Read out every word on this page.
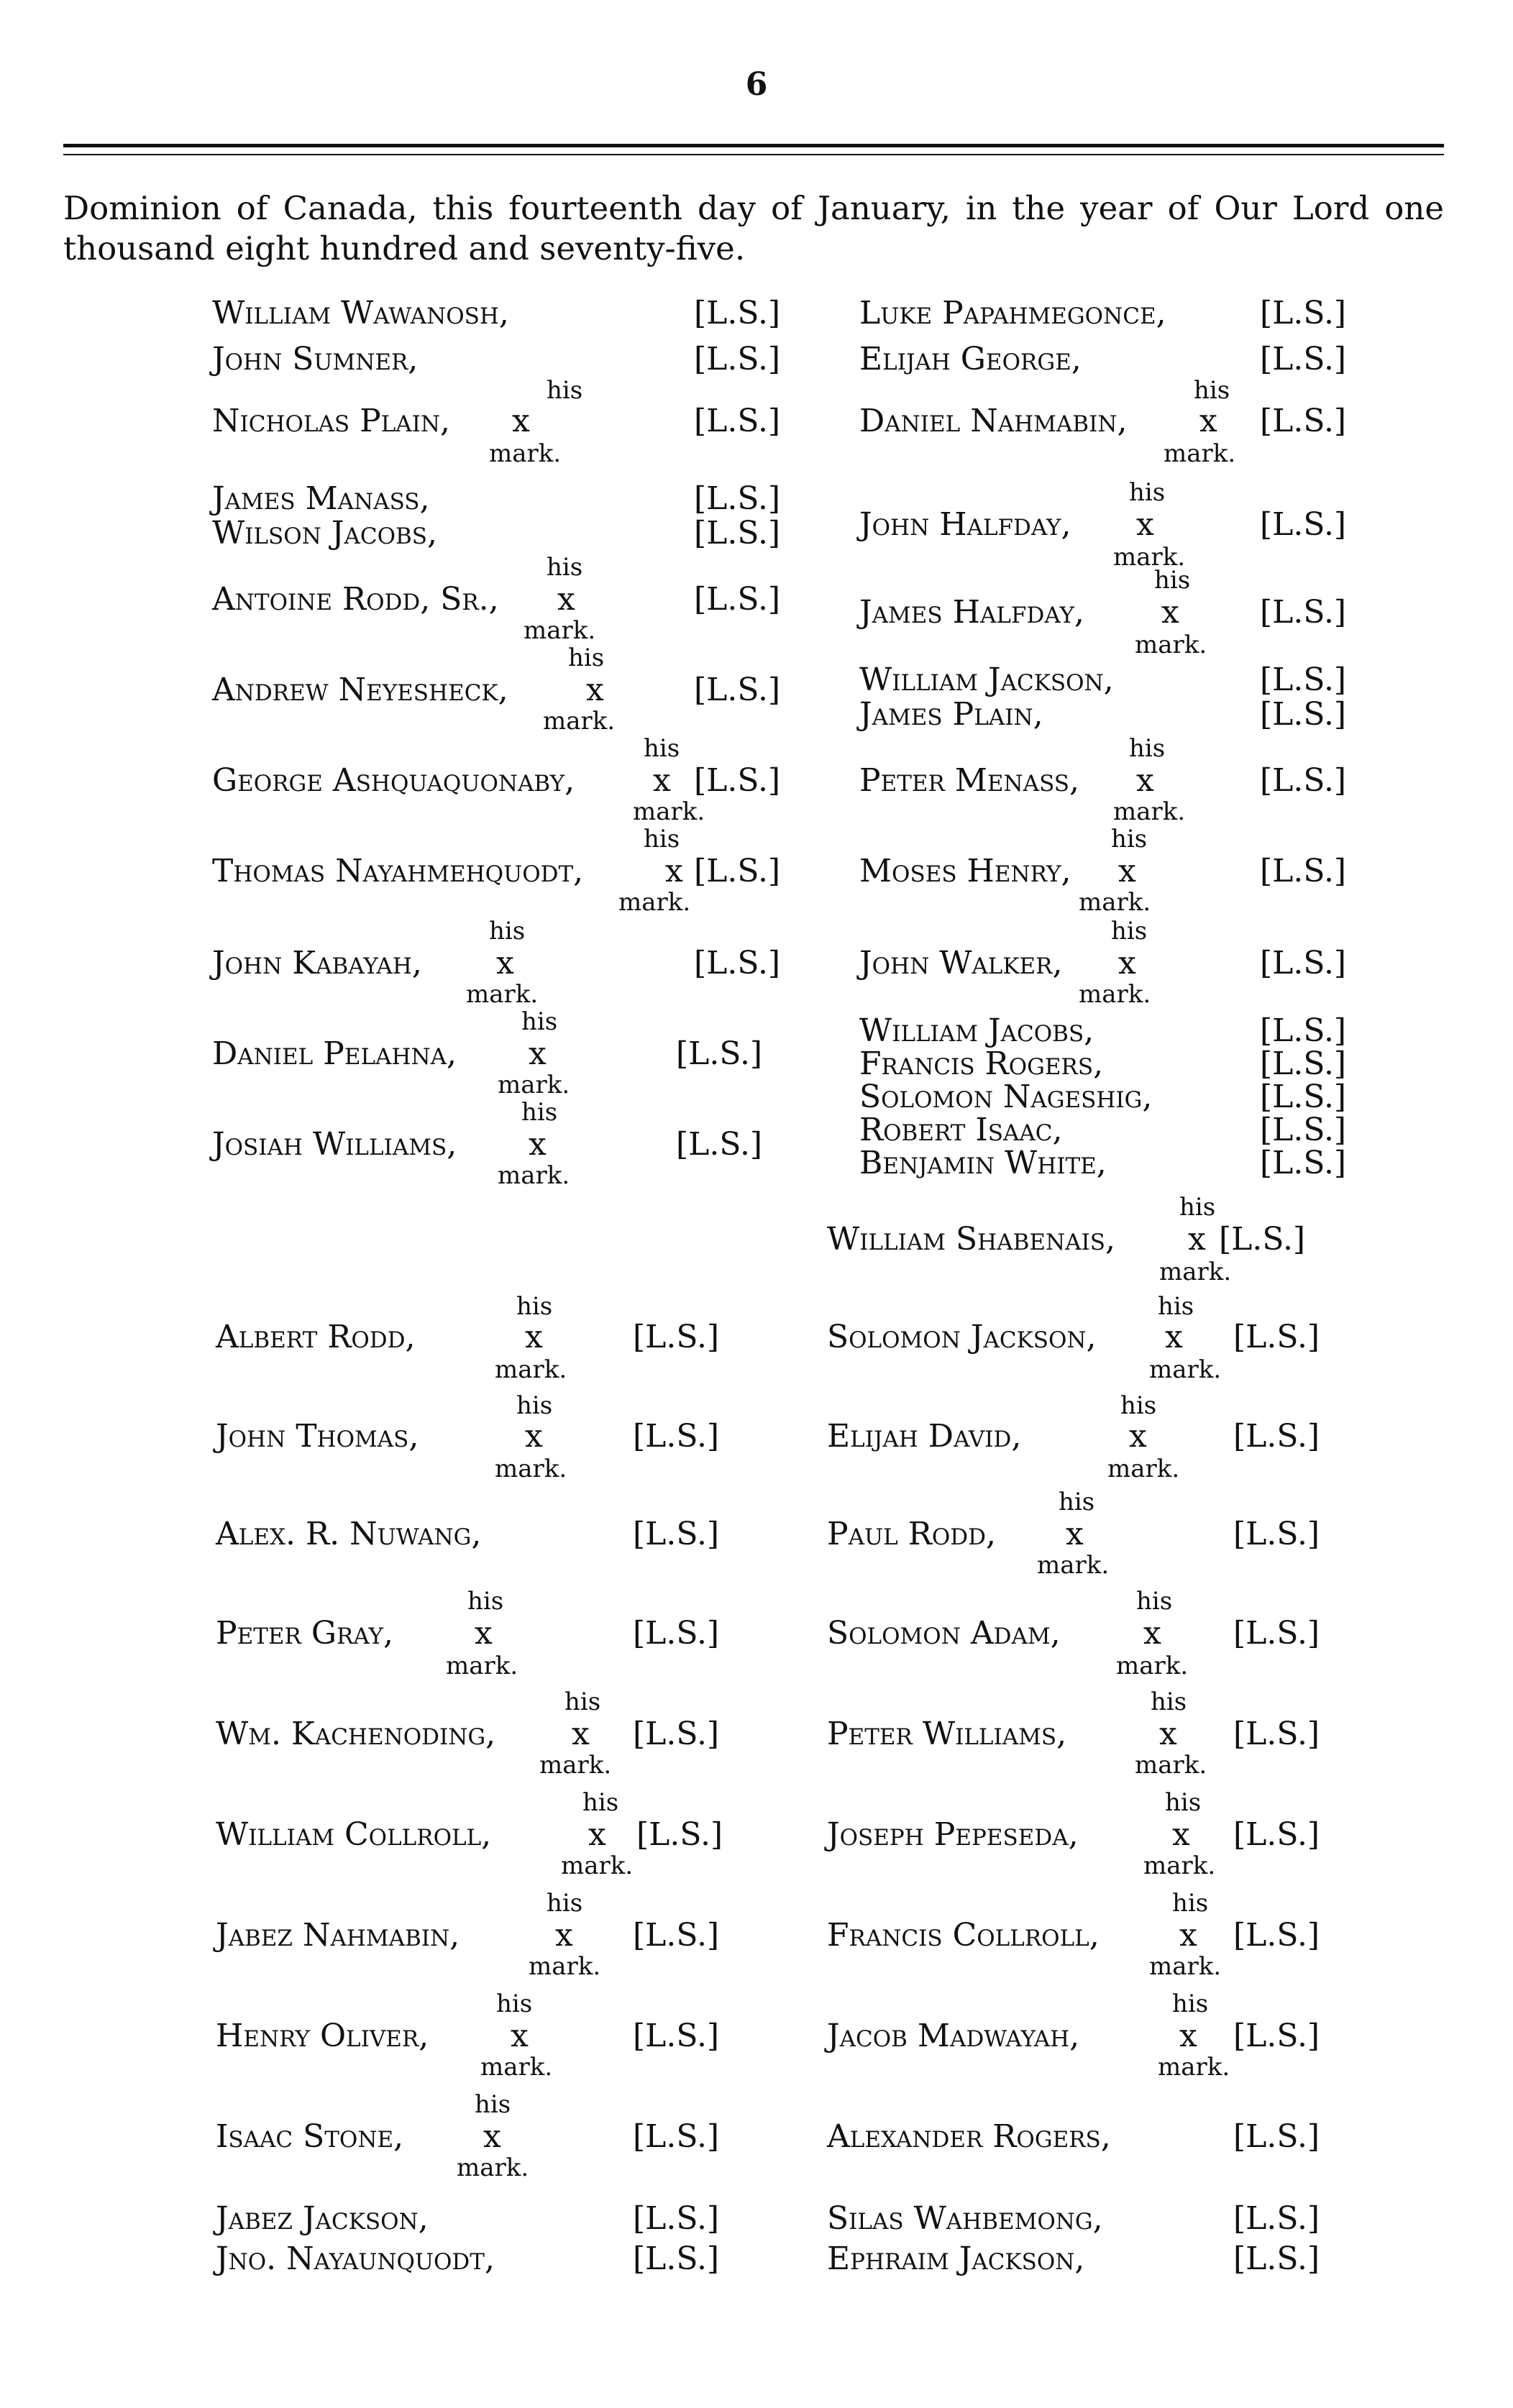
6
Dominion of Canada, this fourteenth day of January, in the year of Our Lord one thousand eight hundred and seventy-five.
William Wawanosh,	[L.S.]
John Sumner,	[L.S.]
his
Nicholas Plain, x	[L.S.]
mark.
James Manass,	[L.S.]
Wilson Jacobs,	[L.S.]
his
Antoine Rodd, Sr., x	[L.S.]
mark.
his
Andrew Neyesheck, x	[L.S.]
mark.
his
George Ashquaquonaby, x [L.S.]
mark.
his
Thomas Nayahmehquodt,	x [L.S.]
mark.
his
John Kabayah, x	[L.S.]
mark.
his
Daniel Pelahna, x	[L.S.]
mark.
his
Josiah Williams, x	[L.S.]
mark.
Luke Papahmegonce,	[L.S.]
Elijah George,	[L.S.]
his
Daniel Nahmabin, x [L.S.]
mark.
his
John Halfday, x	[L.S.]
mark.
his
James Halfday, x	[L.S.]
mark.
William Jackson,	[L.S.]
James Plain,	[L.S.]
his
Peter Menass, x	[L.S.]
mark.
his
Moses Henry, x	[L.S.]
mark.
his
John Walker, x	[L.S.]
mark.
William Jacobs,	[L.S.]
Francis Rogers,	[L.S.]
Solomon Nageshig,	[L.S.]
Robert Isaac,	[L.S.]
Benjamin White,	[L.S.]
his
William Shabenais, x [L.S.]
mark.
his
Albert Rodd,	x	[L.S.]
mark.
his
John Thomas,	x	[L.S.]
mark.
Alex. R. Nuwang,	[L.S.]
his
Peter Gray,	x	[L.S.]
mark.
his
Wm. Kachenoding, x [L.S.]
mark.
his
William Collroll,	x [L.S.]
mark.
his
Jabez Nahmabin,	x [L.S.]
mark.
his
Henry Oliver,	x	[L.S.]
mark.
his
Isaac Stone,	x	[L.S.]
mark.
Jabez Jackson,	[L.S.]
Jno. Nayaunquodt,	[L.S.]
his
Solomon Jackson, x [L.S.]
mark.
his
Elijah David,	x	[L.S.]
mark.
his
Paul Rodd, x	[L.S.]
mark.
his
Solomon Adam,	x [L.S.]
mark.
his
Peter Williams,	x [L.S.]
mark.
his
Joseph Pepeseda,	x [L.S.]
mark.
his
Francis Collroll,	x [L.S.]
mark.
his
Jacob Madwayah,	x [L.S.]
mark.
Alexander Rogers,	[L.S.]
Silas Wahbemong,	[L.S.]
Ephraim Jackson,	[L.S.]
